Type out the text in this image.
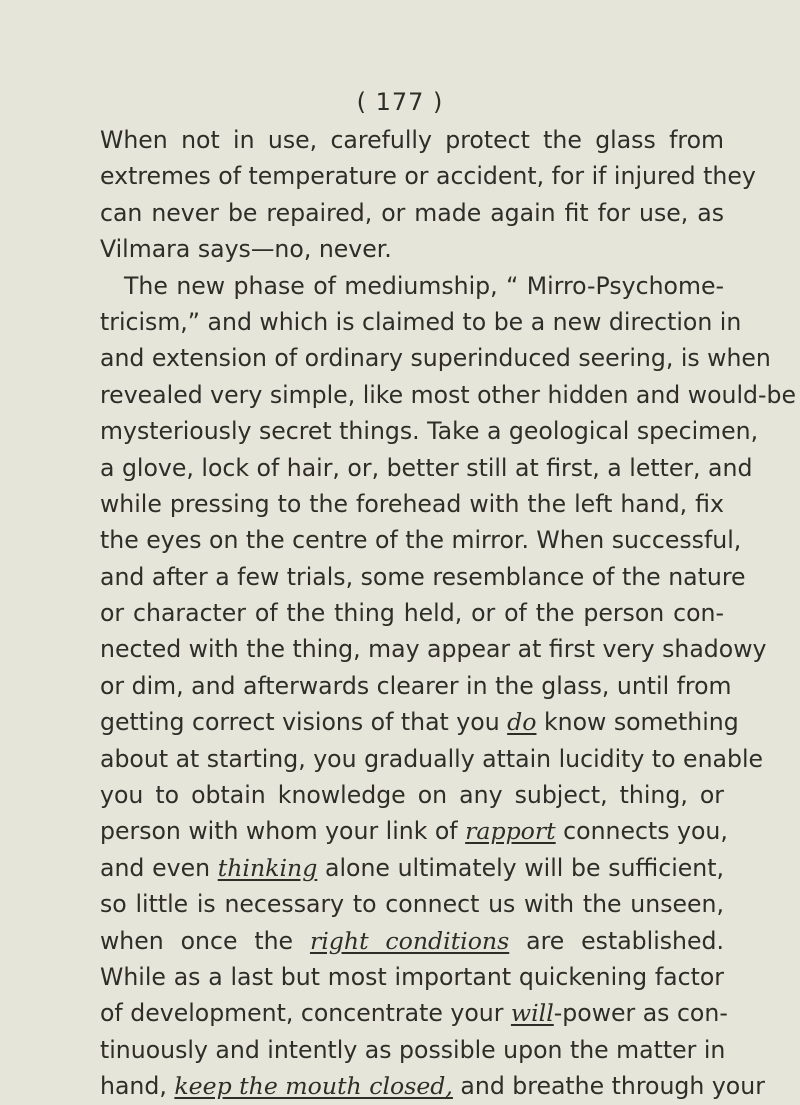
( 177 )
When not in use, carefully protect the glass from
extremes of temperature or accident, for if injured they
can never be repaired, or made again fit for use, as
Vilmara says—no, never.
The new phase of mediumship, “ Mirro-Psychome-
tricism,” and which is claimed to be a new direction in
and extension of ordinary superinduced seering, is when
revealed very simple, like most other hidden and would-be
mysteriously secret things. Take a geological specimen,
a glove, lock of hair, or, better still at first, a letter, and
while pressing to the forehead with the left hand, fix
the eyes on the centre of the mirror. When successful,
and after a few trials, some resemblance of the nature
or character of the thing held, or of the person con-
nected with the thing, may appear at first very shadowy
or dim, and afterwards clearer in the glass, until from
getting correct visions of that you do know something
about at starting, you gradually attain lucidity to enable
you to obtain knowledge on any subject, thing, or
person with whom your link of rapport connects you,
and even thinking alone ultimately will be sufficient,
so little is necessary to connect us with the unseen,
when once the right conditions are established.
While as a last but most important quickening factor
of development, concentrate your will-power as con-
tinuously and intently as possible upon the matter in
hand, keep the mouth closed, and breathe through your
